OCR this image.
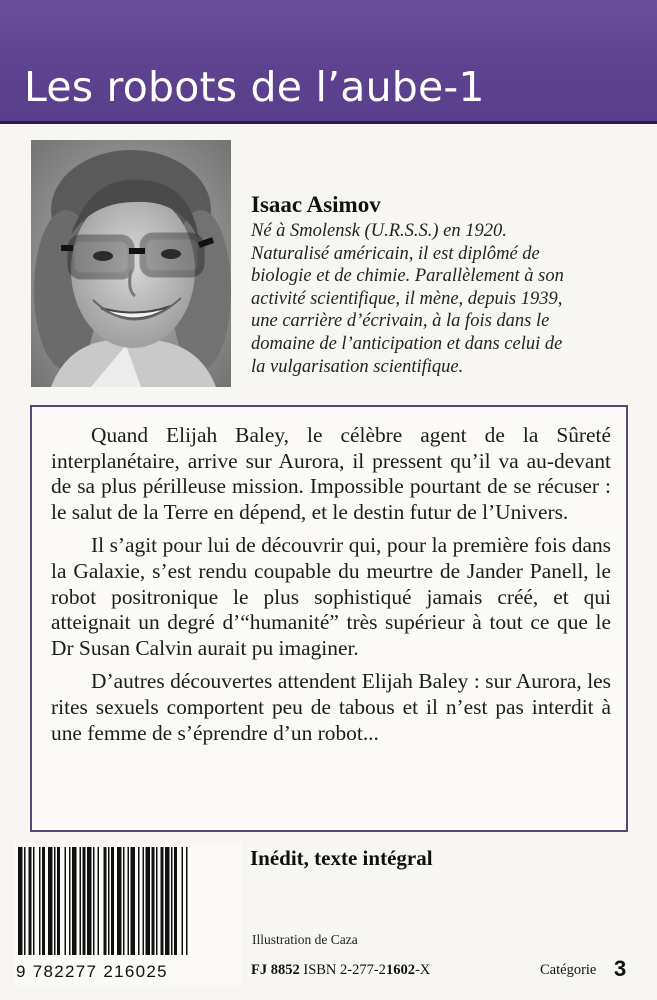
Les robots de l’aube-1
Isaac Asimov
Né à Smolensk (U.R.S.S.) en 1920.
Naturalisé américain, il est diplômé de
biologie et de chimie. Parallèlement à son
activité scientifique, il mène, depuis 1939,
une carrière d’écrivain, à la fois dans le
domaine de l’anticipation et dans celui de
la vulgarisation scientifique.

Quand Elijah Baley, le célèbre agent de la Sûreté interplanétaire, arrive sur Aurora, il pressent qu’il va au-devant de sa plus périlleuse mission. Impossible pourtant de se récuser : le salut de la Terre en dépend, et le destin futur de l’Univers.

Il s’agit pour lui de découvrir qui, pour la première fois dans la Galaxie, s’est rendu coupable du meurtre de Jander Panell, le robot positronique le plus sophistiqué jamais créé, et qui atteignait un degré d’“humanité” très supérieur à tout ce que le Dr Susan Calvin aurait pu imaginer.

D’autres découvertes attendent Elijah Baley : sur Aurora, les rites sexuels comportent peu de tabous et il n’est pas interdit à une femme de s’éprendre d’un robot...

9 782277 216025
Inédit, texte intégral
Illustration de Caza
FJ 8852 ISBN 2-277-21602-X	Catégorie 3
